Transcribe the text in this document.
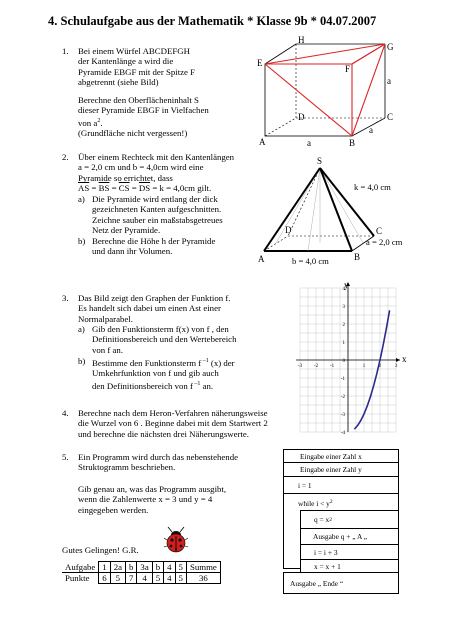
4. Schulaufgabe aus der Mathematik * Klasse 9b * 04.07.2007
1. Bei einem Würfel ABCDEFGH
der Kantenlänge a wird die
Pyramide EBGF mit der Spitze F
abgetrennt (siehe Bild)
Berechne den Oberflächeninhalt S
dieser Pyramide EBGF in Vielfachen
von $a^2$.
(Grundfläche nicht vergessen!)
H
G
E
F
a
D	C
a
A	a	B
2. Über einem Rechteck mit den Kantenlängen
a = 2,0 cm und b = 4,0cm wird eine
Pyramide so errichtet, dass
$\overline{AS} = \overline{BS} = \overline{CS} = \overline{DS} = k = 4,0cm$ gilt.
a) Die Pyramide wird entlang der dick
gezeichneten Kanten aufgeschnitten.
Zeichne sauber ein maßstabsgetreues
Netz der Pyramide.
b) Berechne die Höhe h der Pyramide
und dann ihr Volumen.
S
k = 4,0 cm
D	C
a = 2,0 cm
A	B
b = 4,0 cm
3. Das Bild zeigt den Graphen der Funktion f.
Es handelt sich dabei um einen Ast einer
Normalparabel.
a) Gib den Funktionsterm f(x) von f , den
Definitionsbereich und den Wertebereich
von f an.
b) Bestimme den Funktionsterm f $^{-1}$ (x) der
Umkehrfunktion von f und gib auch
den Definitionsbereich von f $^{-1}$ an.
4
3
2
1
0
-1
-2
-3
-4
-3 -2 -1	1	2	3
y
x
4. Berechne nach dem Heron-Verfahren näherungsweise
die Wurzel von 6 . Beginne dabei mit dem Startwert 2
und berechne die nächsten drei Näherungswerte.
5. Ein Programm wird durch das nebenstehende
Struktogramm beschrieben.
Gib genau an, was das Programm ausgibt,
wenn die Zahlenwerte x = 3 und y = 4
eingegeben werden.
Eingabe einer Zahl x
Eingabe einer Zahl y
i = 1
while i < y $^2$
q = x 2
Ausgabe q + „ A „
i = i + 3
x = x + 1
Ausgabe „ Ende “
Gutes Gelingen! G.R.
Aufgabe	1	2a	b	3a	b	4	5	Summe
Punkte	6	5	7	4	5	4	5	36
